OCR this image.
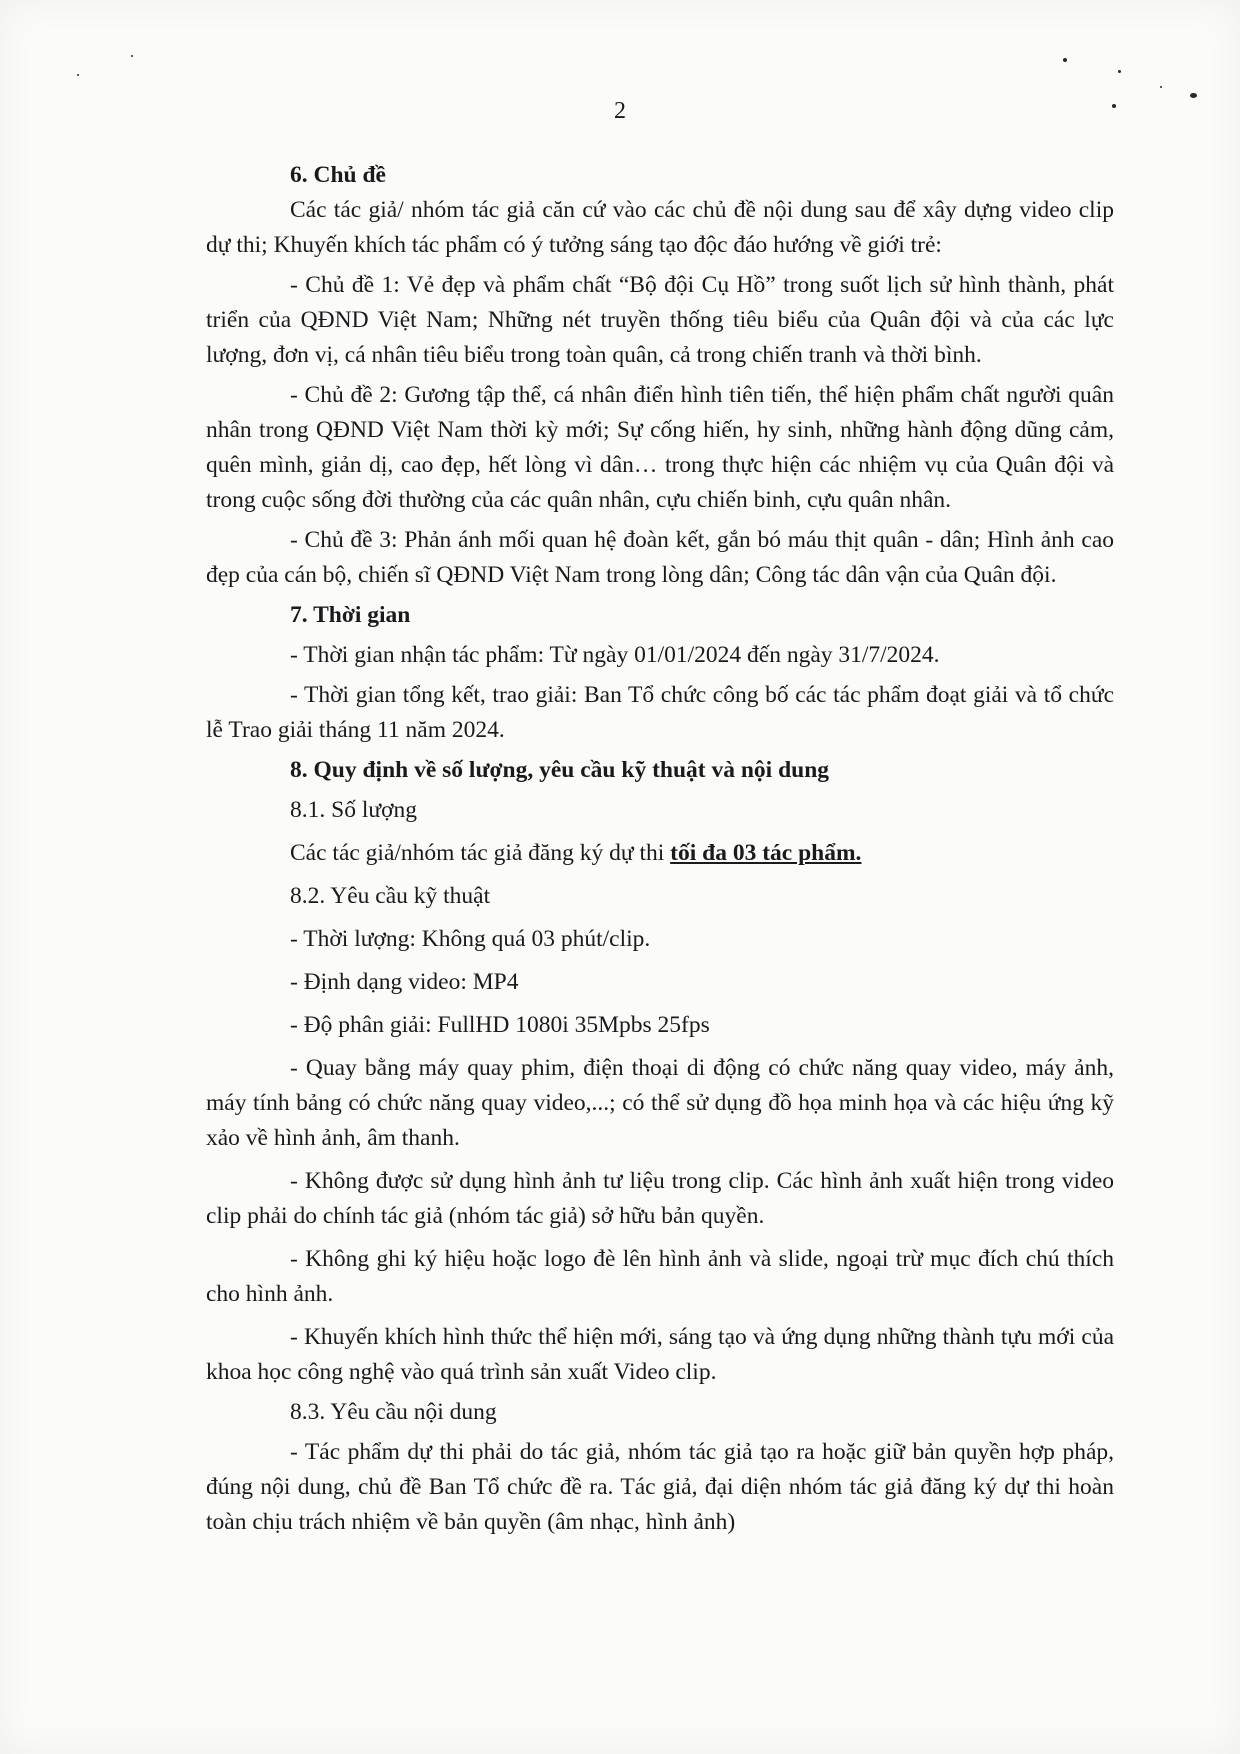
2

6. Chủ đề

Các tác giả/ nhóm tác giả căn cứ vào các chủ đề nội dung sau để xây dựng video clip dự thi; Khuyến khích tác phẩm có ý tưởng sáng tạo độc đáo hướng về giới trẻ:

- Chủ đề 1: Vẻ đẹp và phẩm chất “Bộ đội Cụ Hồ” trong suốt lịch sử hình thành, phát triển của QĐND Việt Nam; Những nét truyền thống tiêu biểu của Quân đội và của các lực lượng, đơn vị, cá nhân tiêu biểu trong toàn quân, cả trong chiến tranh và thời bình.

- Chủ đề 2: Gương tập thể, cá nhân điển hình tiên tiến, thể hiện phẩm chất người quân nhân trong QĐND Việt Nam thời kỳ mới; Sự cống hiến, hy sinh, những hành động dũng cảm, quên mình, giản dị, cao đẹp, hết lòng vì dân… trong thực hiện các nhiệm vụ của Quân đội và trong cuộc sống đời thường của các quân nhân, cựu chiến binh, cựu quân nhân.

- Chủ đề 3: Phản ánh mối quan hệ đoàn kết, gắn bó máu thịt quân - dân; Hình ảnh cao đẹp của cán bộ, chiến sĩ QĐND Việt Nam trong lòng dân; Công tác dân vận của Quân đội.

7. Thời gian

- Thời gian nhận tác phẩm: Từ ngày 01/01/2024 đến ngày 31/7/2024.

- Thời gian tổng kết, trao giải: Ban Tổ chức công bố các tác phẩm đoạt giải và tổ chức lễ Trao giải tháng 11 năm 2024.

8. Quy định về số lượng, yêu cầu kỹ thuật và nội dung

8.1. Số lượng

Các tác giả/nhóm tác giả đăng ký dự thi tối đa 03 tác phẩm.

8.2. Yêu cầu kỹ thuật

- Thời lượng: Không quá 03 phút/clip.

- Định dạng video: MP4

- Độ phân giải: FullHD 1080i 35Mpbs 25fps

- Quay bằng máy quay phim, điện thoại di động có chức năng quay video, máy ảnh, máy tính bảng có chức năng quay video,...; có thể sử dụng đồ họa minh họa và các hiệu ứng kỹ xảo về hình ảnh, âm thanh.

- Không được sử dụng hình ảnh tư liệu trong clip. Các hình ảnh xuất hiện trong video clip phải do chính tác giả (nhóm tác giả) sở hữu bản quyền.

- Không ghi ký hiệu hoặc logo đè lên hình ảnh và slide, ngoại trừ mục đích chú thích cho hình ảnh.

- Khuyến khích hình thức thể hiện mới, sáng tạo và ứng dụng những thành tựu mới của khoa học công nghệ vào quá trình sản xuất Video clip.

8.3. Yêu cầu nội dung

- Tác phẩm dự thi phải do tác giả, nhóm tác giả tạo ra hoặc giữ bản quyền hợp pháp, đúng nội dung, chủ đề Ban Tổ chức đề ra. Tác giả, đại diện nhóm tác giả đăng ký dự thi hoàn toàn chịu trách nhiệm về bản quyền (âm nhạc, hình ảnh)
